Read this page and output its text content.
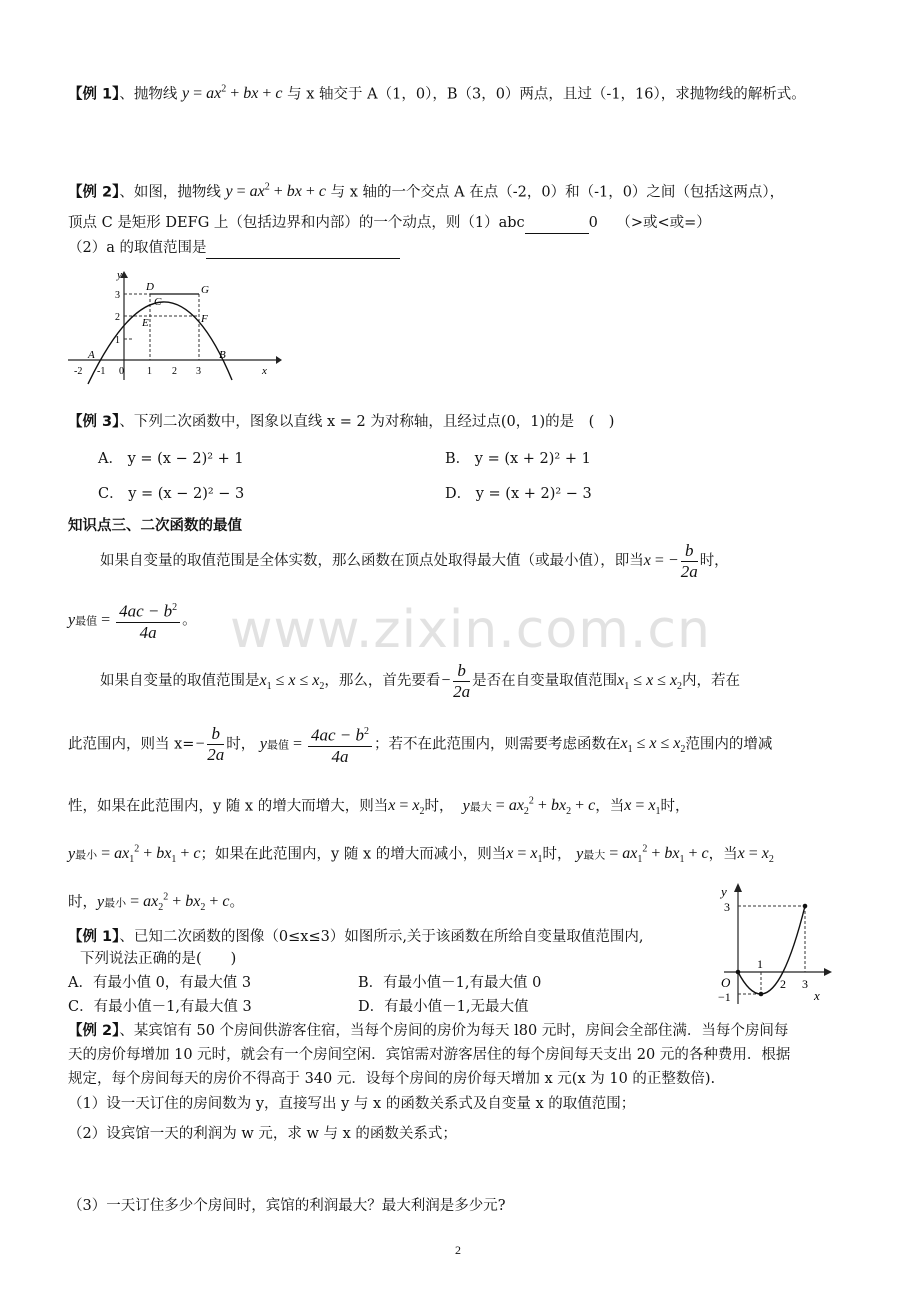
www.zixin.com.cn
【例 1】、抛物线 $y = ax^2$ + bx + c 与 x 轴交于 A（1，0），B（3，0）两点，且过（-1，16），求抛物线的解析式。
【例 2】、如图，抛物线 $y = ax^2$ + bx + c 与 x 轴的一个交点 A 在点（-2，0）和（-1，0）之间（包括这两点），
顶点 C 是矩形 DEFG 上（包括边界和内部）的一个动点，则（1）abc	0 （>或<或=）
（2）a 的取值范围是
y
x
D	G
C
E	F
A	B
0
3
2
1
-2 -1	1 2 3
【例 3】、下列二次函数中，图象以直线 x = 2 为对称轴，且经过点(0，1)的是　(　)
A． y = (x − 2)² + 1	B． y = (x + 2)² + 1
C． y = (x − 2)² − 3	D． y = (x + 2)² − 3
知识点三、二次函数的最值
如果自变量的取值范围是全体实数，那么函数在顶点处取得最大值（或最小值），即当x = − $\frac{b}{2a}$ 时，
y最值 = $\frac{4ac - b^2}{4a}$ 。
如果自变量的取值范围是$x_1 \le x \le x_2$，那么，首先要看− $\frac{b}{2a}$ 是否在自变量取值范围$x_1 \le x \le x_2$内，若在
此范围内，则当 $x=- \frac{b}{2a}$ 时， y最值 = $\frac{4ac - b^2}{4a}$ ；若不在此范围内，则需要考虑函数在$x_1 \le x \le x_2$范围内的增减
性，如果在此范围内，y 随 x 的增大而增大，则当$x = x_2$时， y最大 = $ax_2^2 + bx_2 + c$，当$x = x_1$时，
y最小 = $ax_1^2 + bx_1 + c$；如果在此范围内，y 随 x 的增大而减小，则当$x = x_1$时， y最大 = $ax_1^2 + bx_1 + c$，当$x = x_2$
时，y最小 = $ax_2^2 + bx_2 + c$。
y
x
O
3
−1
1
2 3
【例 1】、已知二次函数的图像（0≤x≤3）如图所示,关于该函数在所给自变量取值范围内,
下列说法正确的是(　　)
A．有最小值 0，有最大值 3	B．有最小值－1,有最大值 0
C．有最小值－1,有最大值 3	D．有最小值－1,无最大值
【例 2】、某宾馆有 50 个房间供游客住宿，当每个房间的房价为每天 l80 元时，房间会全部住满．当每个房间每
天的房价每增加 10 元时，就会有一个房间空闲．宾馆需对游客居住的每个房间每天支出 20 元的各种费用．根据
规定，每个房间每天的房价不得高于 340 元．设每个房间的房价每天增加 x 元(x 为 10 的正整数倍).
（1）设一天订住的房间数为 y，直接写出 y 与 x 的函数关系式及自变量 x 的取值范围；
（2）设宾馆一天的利润为 w 元，求 w 与 x 的函数关系式；
（3）一天订住多少个房间时，宾馆的利润最大？最大利润是多少元?
2
